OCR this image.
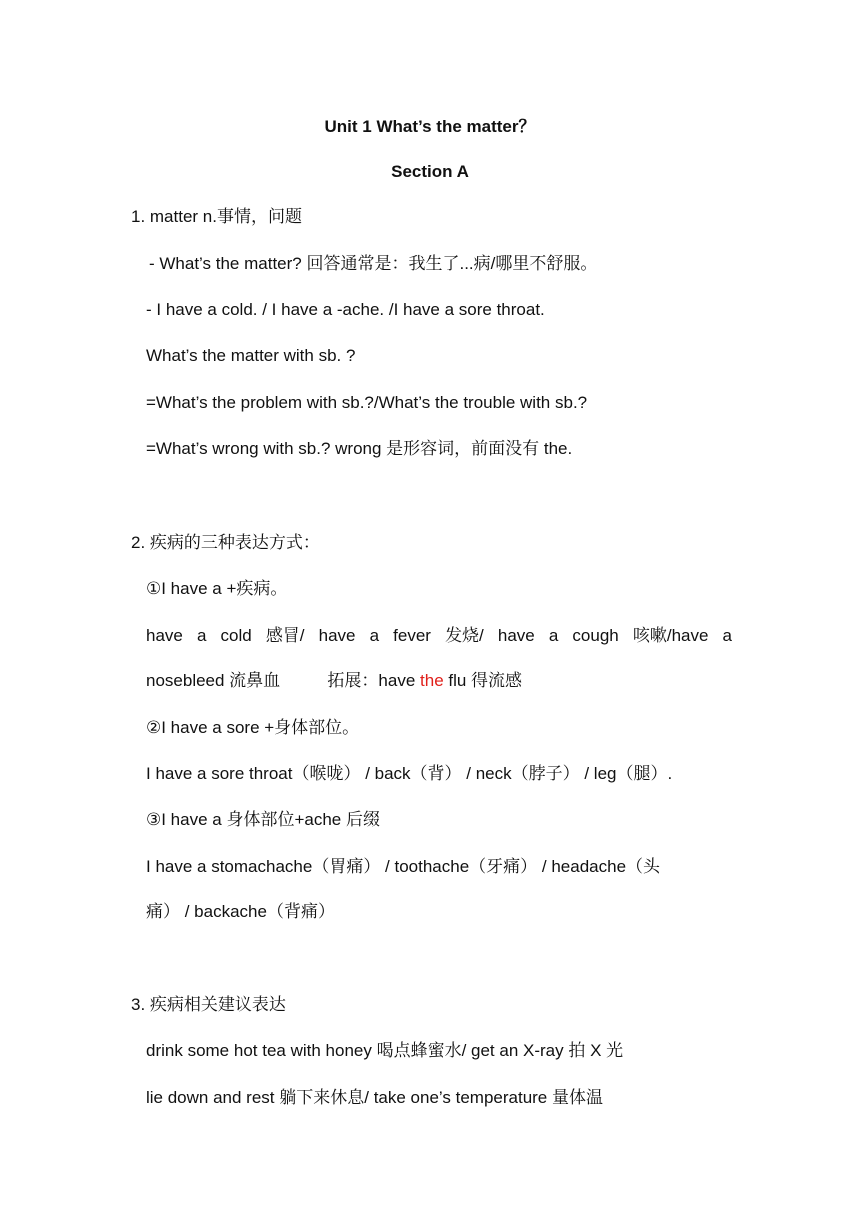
Unit 1 What’s the matter？
Section A
1. matter n.事情，问题
- What’s the matter? 回答通常是：我生了...病/哪里不舒服。
- I have a cold. / I have a -ache. /I have a sore throat.
What’s the matter with sb. ?
=What’s the problem with sb.?/What’s the trouble with sb.?
=What’s wrong with sb.? wrong 是形容词，前面没有 the.
2. 疾病的三种表达方式：
①I have a +疾病。
have a cold 感冒/ have a fever 发烧/ have a cough 咳嗽/have a
nosebleed 流鼻血          拓展：have the flu 得流感
②I have a sore +身体部位。
I have a sore throat（喉咙） / back（背） / neck（脖子） / leg（腿）.
③I have a 身体部位+ache 后缀
I have a stomachache（胃痛） / toothache（牙痛） / headache（头
痛） / backache（背痛）
3. 疾病相关建议表达
drink some hot tea with honey 喝点蜂蜜水/ get an X-ray 拍 X 光
lie down and rest 躺下来休息/ take one’s temperature 量体温
